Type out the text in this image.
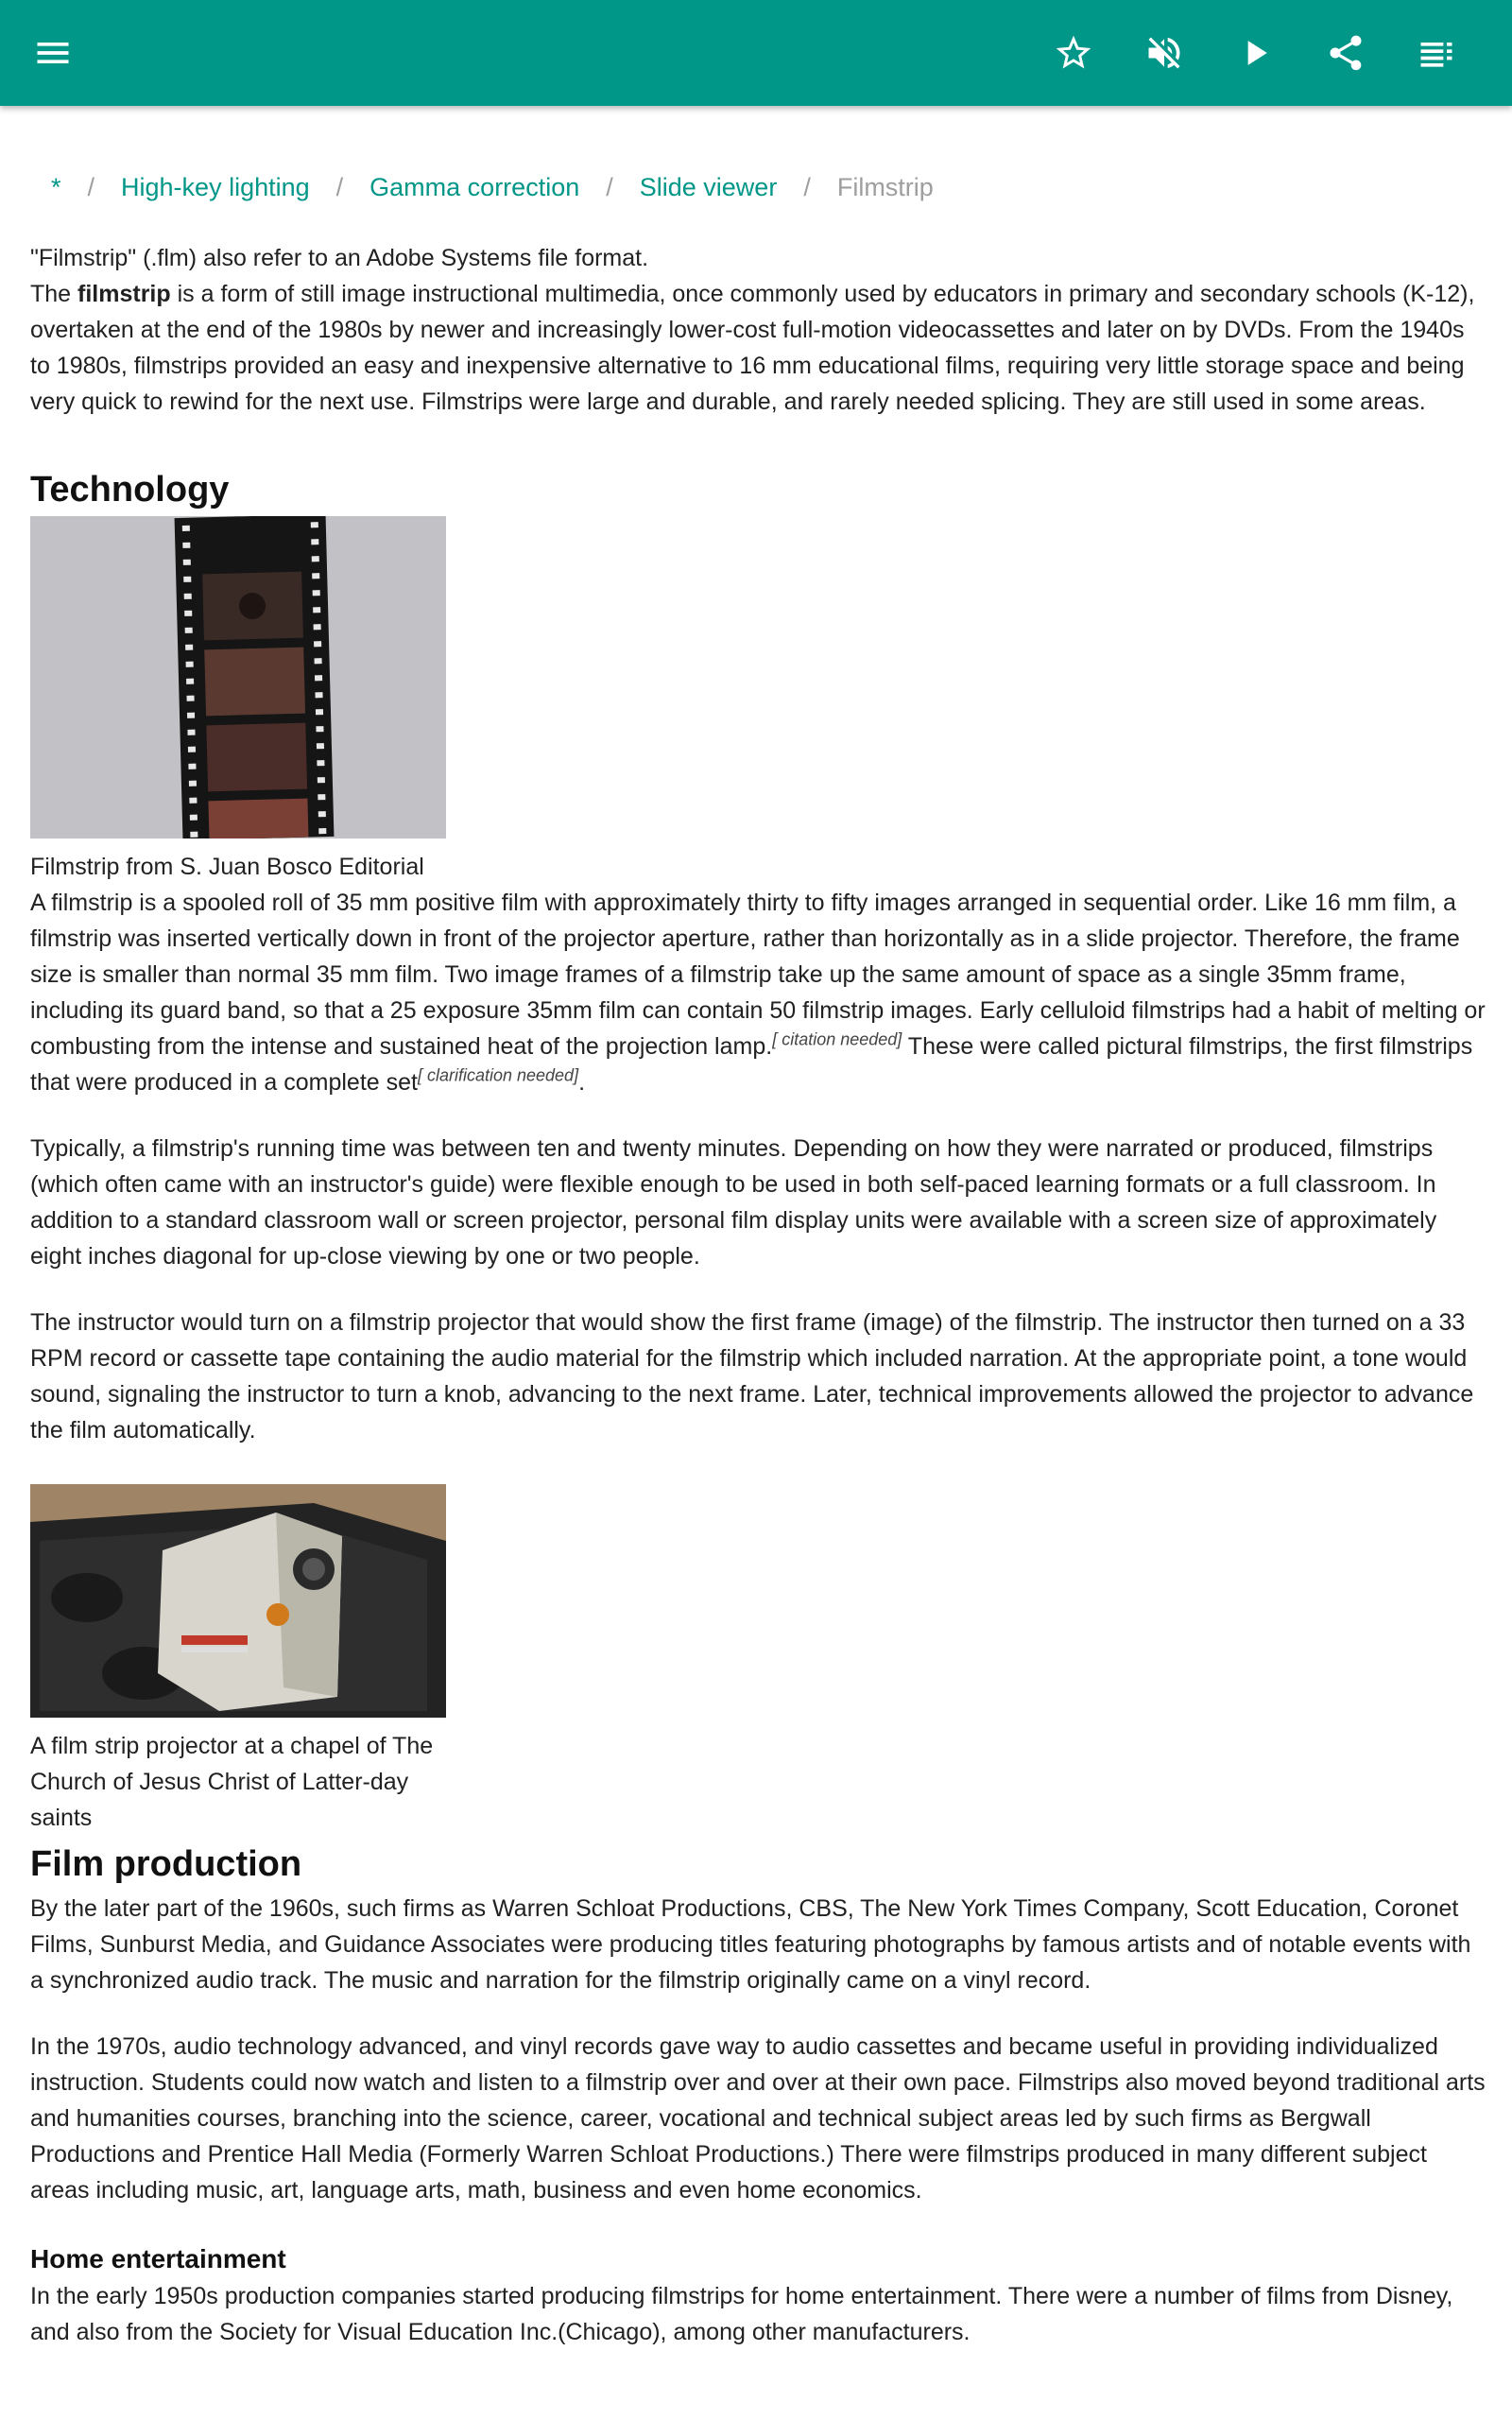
* / High-key lighting / Gamma correction / Slide viewer / Filmstrip

"Filmstrip" (.flm) also refer to an Adobe Systems file format.

The filmstrip is a form of still image instructional multimedia, once commonly used by educators in primary and secondary schools (K-12), overtaken at the end of the 1980s by newer and increasingly lower-cost full-motion videocassettes and later on by DVDs. From the 1940s to 1980s, filmstrips provided an easy and inexpensive alternative to 16 mm educational films, requiring very little storage space and being very quick to rewind for the next use. Filmstrips were large and durable, and rarely needed splicing. They are still used in some areas.

Technology
Filmstrip from S. Juan Bosco Editorial

A filmstrip is a spooled roll of 35 mm positive film with approximately thirty to fifty images arranged in sequential order. Like 16 mm film, a filmstrip was inserted vertically down in front of the projector aperture, rather than horizontally as in a slide projector. Therefore, the frame size is smaller than normal 35 mm film. Two image frames of a filmstrip take up the same amount of space as a single 35mm frame, including its guard band, so that a 25 exposure 35mm film can contain 50 filmstrip images. Early celluloid filmstrips had a habit of melting or combusting from the intense and sustained heat of the projection lamp.[ citation needed] These were called pictural filmstrips, the first filmstrips that were produced in a complete set[ clarification needed].

Typically, a filmstrip's running time was between ten and twenty minutes. Depending on how they were narrated or produced, filmstrips (which often came with an instructor's guide) were flexible enough to be used in both self-paced learning formats or a full classroom. In addition to a standard classroom wall or screen projector, personal film display units were available with a screen size of approximately eight inches diagonal for up-close viewing by one or two people.

The instructor would turn on a filmstrip projector that would show the first frame (image) of the filmstrip. The instructor then turned on a 33 RPM record or cassette tape containing the audio material for the filmstrip which included narration. At the appropriate point, a tone would sound, signaling the instructor to turn a knob, advancing to the next frame. Later, technical improvements allowed the projector to advance the film automatically.

A film strip projector at a chapel of The Church of Jesus Christ of Latter-day saints
Film production

By the later part of the 1960s, such firms as Warren Schloat Productions, CBS, The New York Times Company, Scott Education, Coronet Films, Sunburst Media, and Guidance Associates were producing titles featuring photographs by famous artists and of notable events with a synchronized audio track. The music and narration for the filmstrip originally came on a vinyl record.

In the 1970s, audio technology advanced, and vinyl records gave way to audio cassettes and became useful in providing individualized instruction. Students could now watch and listen to a filmstrip over and over at their own pace. Filmstrips also moved beyond traditional arts and humanities courses, branching into the science, career, vocational and technical subject areas led by such firms as Bergwall Productions and Prentice Hall Media (Formerly Warren Schloat Productions.) There were filmstrips produced in many different subject areas including music, art, language arts, math, business and even home economics.

Home entertainment

In the early 1950s production companies started producing filmstrips for home entertainment. There were a number of films from Disney, and also from the Society for Visual Education Inc.(Chicago), among other manufacturers.
